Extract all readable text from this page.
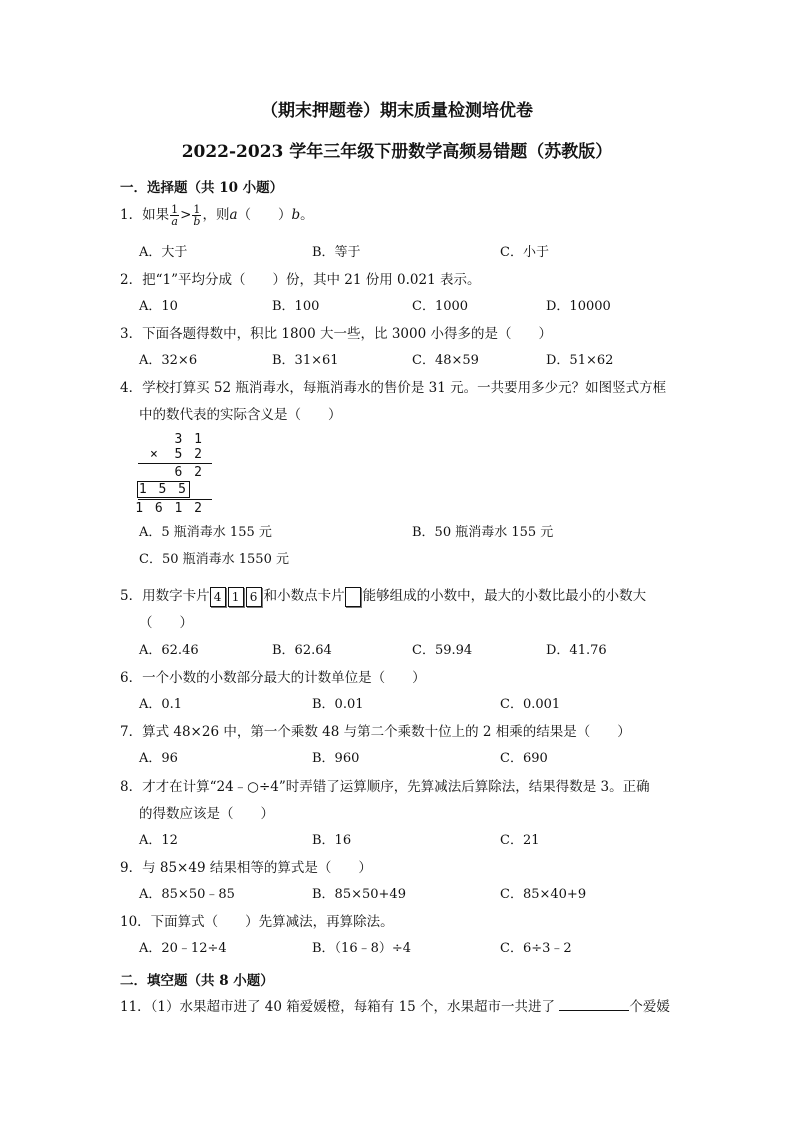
（期末押题卷）期末质量检测培优卷
2022-2023 学年三年级下册数学高频易错题（苏教版）
一．选择题（共 10 小题）
1．如果 $\frac{1}{a} > \frac{1}{b}$ ，则a（　　）b。
A．大于	B．等于	C．小于
2．把“1”平均分成（　　）份，其中 21 份用 0.021 表示。
A．10	B．100	C．1000	D．10000
3．下面各题得数中，积比 1800 大一些，比 3000 小得多的是（　　）
A．32×6	B．31×61	C．48×59	D．51×62
4．学校打算买 52 瓶消毒水，每瓶消毒水的售价是 31 元。一共要用多少元？如图竖式方框
中的数代表的实际含义是（　　）
3 1
× 5 2
6 2
1 5 5
1 6 1 2
A．5 瓶消毒水 155 元	B．50 瓶消毒水 155 元
C．50 瓶消毒水 1550 元
5．用数字卡片 4 1 6 和小数点卡片 能够组成的小数中，最大的小数比最小的小数大
（　　）
A．62.46	B．62.64	C．59.94	D．41.76
6．一个小数的小数部分最大的计数单位是（　　）
A．0.1	B．0.01	C．0.001
7．算式 48×26 中，第一个乘数 48 与第二个乘数十位上的 2 相乘的结果是（　　）
A．96	B．960	C．690
8．才才在计算“24﹣○÷4”时弄错了运算顺序，先算减法后算除法，结果得数是 3。正确
的得数应该是（　　）
A．12	B．16	C．21
9．与 85×49 结果相等的算式是（　　）
A．85×50﹣85	B．85×50+49	C．85×40+9
10．下面算式（　　）先算减法，再算除法。
A．20﹣12÷4	B．（16﹣8）÷4	C．6÷3﹣2
二．填空题（共 8 小题）
11．（1）水果超市进了 40 箱爱媛橙，每箱有 15 个，水果超市一共进了	个爱媛
